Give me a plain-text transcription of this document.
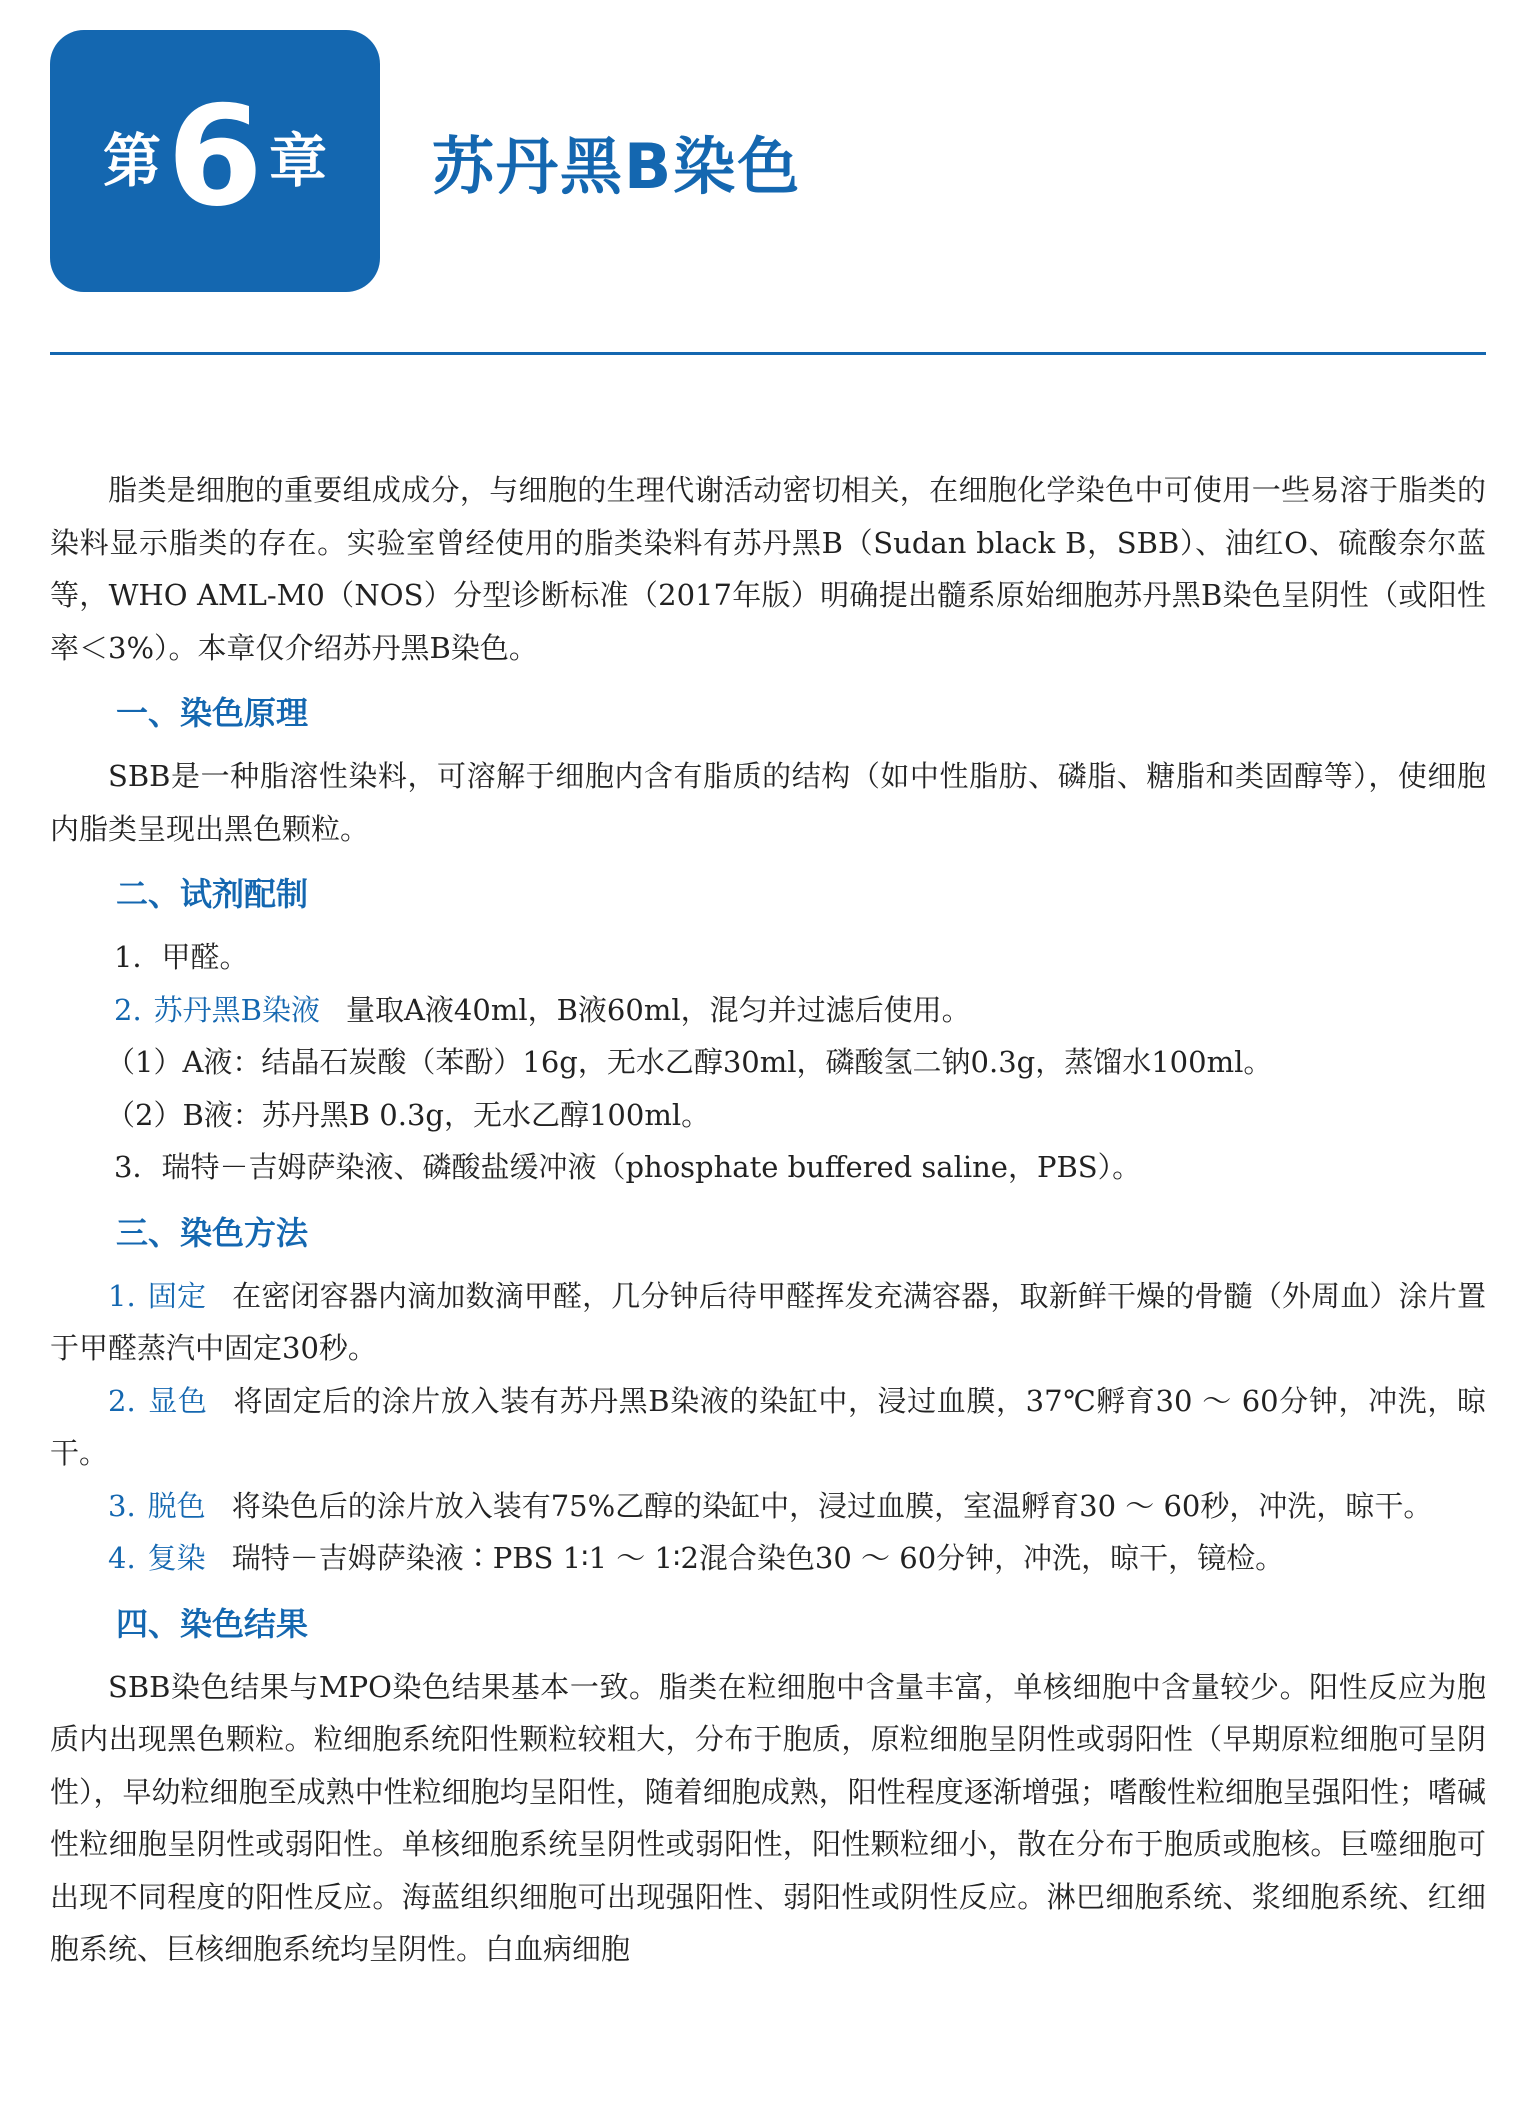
第 6 章 苏丹黑B染色

脂类是细胞的重要组成成分，与细胞的生理代谢活动密切相关，在细胞化学染色中可使用一些易溶于脂类的染料显示脂类的存在。实验室曾经使用的脂类染料有苏丹黑B（Sudan black B，SBB）、油红O、硫酸奈尔蓝等，WHO AML-M0（NOS）分型诊断标准（2017年版）明确提出髓系原始细胞苏丹黑B染色呈阴性（或阳性率＜3%）。本章仅介绍苏丹黑B染色。

一、染色原理

SBB是一种脂溶性染料，可溶解于细胞内含有脂质的结构（如中性脂肪、磷脂、糖脂和类固醇等），使细胞内脂类呈现出黑色颗粒。

二、试剂配制

1．甲醛。

2. 苏丹黑B染液 量取A液40ml，B液60ml，混匀并过滤后使用。

（1）A液：结晶石炭酸（苯酚）16g，无水乙醇30ml，磷酸氢二钠0.3g，蒸馏水100ml。

（2）B液：苏丹黑B 0.3g，无水乙醇100ml。

3．瑞特－吉姆萨染液、磷酸盐缓冲液（phosphate buffered saline，PBS）。

三、染色方法

1. 固定 在密闭容器内滴加数滴甲醛，几分钟后待甲醛挥发充满容器，取新鲜干燥的骨髓（外周血）涂片置于甲醛蒸汽中固定30秒。

2. 显色 将固定后的涂片放入装有苏丹黑B染液的染缸中，浸过血膜，37℃孵育30 ～ 60分钟，冲洗，晾干。

3. 脱色 将染色后的涂片放入装有75%乙醇的染缸中，浸过血膜，室温孵育30 ～ 60秒，冲洗，晾干。

4. 复染 瑞特－吉姆萨染液∶PBS 1∶1 ～ 1∶2混合染色30 ～ 60分钟，冲洗，晾干，镜检。

四、染色结果

SBB染色结果与MPO染色结果基本一致。脂类在粒细胞中含量丰富，单核细胞中含量较少。阳性反应为胞质内出现黑色颗粒。粒细胞系统阳性颗粒较粗大，分布于胞质，原粒细胞呈阴性或弱阳性（早期原粒细胞可呈阴性），早幼粒细胞至成熟中性粒细胞均呈阳性，随着细胞成熟，阳性程度逐渐增强；嗜酸性粒细胞呈强阳性；嗜碱性粒细胞呈阴性或弱阳性。单核细胞系统呈阴性或弱阳性，阳性颗粒细小，散在分布于胞质或胞核。巨噬细胞可出现不同程度的阳性反应。海蓝组织细胞可出现强阳性、弱阳性或阴性反应。淋巴细胞系统、浆细胞系统、红细胞系统、巨核细胞系统均呈阴性。白血病细胞
